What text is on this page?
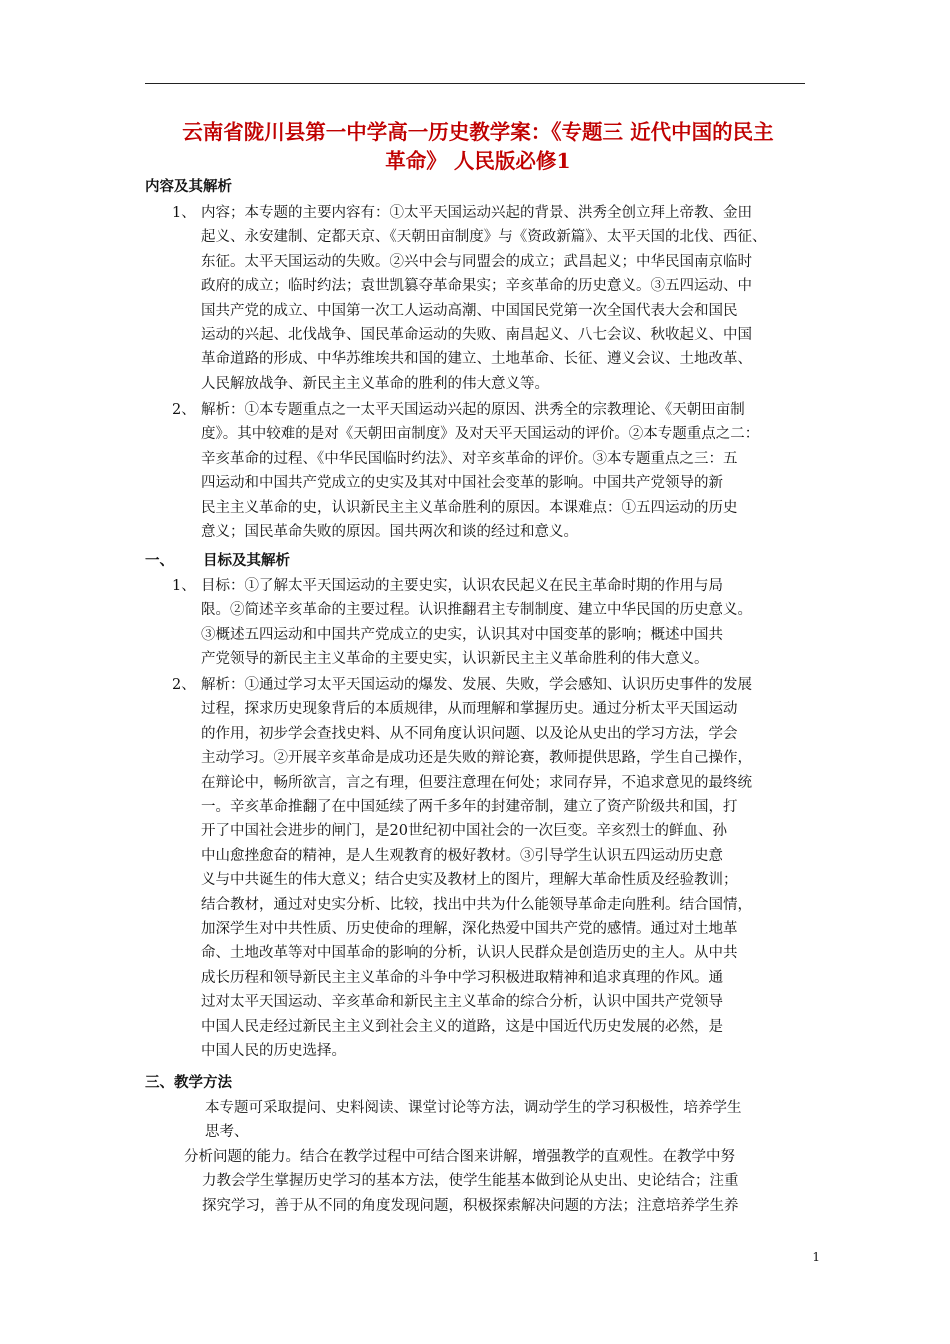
云南省陇川县第一中学高一历史教学案：《专题三 近代中国的民主
革命》 人民版必修1
内容及其解析
1、 内容；本专题的主要内容有：①太平天国运动兴起的背景、洪秀全创立拜上帝教、金田
起义、永安建制、定都天京、《天朝田亩制度》与《资政新篇》、太平天国的北伐、西征、
东征。太平天国运动的失败。②兴中会与同盟会的成立；武昌起义；中华民国南京临时
政府的成立；临时约法；袁世凯篡夺革命果实；辛亥革命的历史意义。③五四运动、中
国共产党的成立、中国第一次工人运动高潮、中国国民党第一次全国代表大会和国民
运动的兴起、北伐战争、国民革命运动的失败、南昌起义、八七会议、秋收起义、中国
革命道路的形成、中华苏维埃共和国的建立、土地革命、长征、遵义会议、土地改革、
人民解放战争、新民主主义革命的胜利的伟大意义等。
2、 解析：①本专题重点之一太平天国运动兴起的原因、洪秀全的宗教理论、《天朝田亩制
度》。其中较难的是对《天朝田亩制度》及对天平天国运动的评价。②本专题重点之二：
辛亥革命的过程、《中华民国临时约法》、对辛亥革命的评价。③本专题重点之三：五
四运动和中国共产党成立的史实及其对中国社会变革的影响。中国共产党领导的新
民主主义革命的史，认识新民主主义革命胜利的原因。本课难点：①五四运动的历史
意义；国民革命失败的原因。国共两次和谈的经过和意义。
一、 目标及其解析
1、 目标：①了解太平天国运动的主要史实，认识农民起义在民主革命时期的作用与局
限。②简述辛亥革命的主要过程。认识推翻君主专制制度、建立中华民国的历史意义。
③概述五四运动和中国共产党成立的史实，认识其对中国变革的影响；概述中国共
产党领导的新民主主义革命的主要史实，认识新民主主义革命胜利的伟大意义。
2、 解析：①通过学习太平天国运动的爆发、发展、失败，学会感知、认识历史事件的发展
过程，探求历史现象背后的本质规律，从而理解和掌握历史。通过分析太平天国运动
的作用，初步学会查找史料、从不同角度认识问题、以及论从史出的学习方法，学会
主动学习。②开展辛亥革命是成功还是失败的辩论赛，教师提供思路，学生自己操作，
在辩论中，畅所欲言，言之有理，但要注意理在何处；求同存异，不追求意见的最终统
一。辛亥革命推翻了在中国延续了两千多年的封建帝制，建立了资产阶级共和国，打
开了中国社会进步的闸门，是20世纪初中国社会的一次巨变。辛亥烈士的鲜血、孙
中山愈挫愈奋的精神，是人生观教育的极好教材。③引导学生认识五四运动历史意
义与中共诞生的伟大意义；结合史实及教材上的图片，理解大革命性质及经验教训；
结合教材，通过对史实分析、比较，找出中共为什么能领导革命走向胜利。结合国情，
加深学生对中共性质、历史使命的理解，深化热爱中国共产党的感情。通过对土地革
命、土地改革等对中国革命的影响的分析，认识人民群众是创造历史的主人。从中共
成长历程和领导新民主主义革命的斗争中学习积极进取精神和追求真理的作风。通
过对太平天国运动、辛亥革命和新民主主义革命的综合分析，认识中国共产党领导
中国人民走经过新民主主义到社会主义的道路，这是中国近代历史发展的必然，是
中国人民的历史选择。
三、教学方法
本专题可采取提问、史料阅读、课堂讨论等方法，调动学生的学习积极性，培养学生
思考、
分析问题的能力。结合在教学过程中可结合图来讲解，增强教学的直观性。在教学中努
力教会学生掌握历史学习的基本方法，使学生能基本做到论从史出、史论结合；注重
探究学习，善于从不同的角度发现问题，积极探索解决问题的方法；注意培养学生养
1
